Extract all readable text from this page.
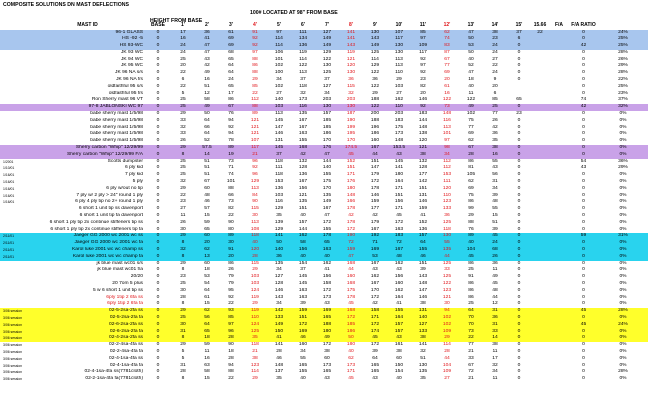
COMPOSITE SOLUTIONS DN MAST DEFLECTIONS
100# LOCATED AT 98" FROM BASE
HEIGHT FROM BASE
	MAST ID	BASE	1'	2'	3'	4'	5'	6'	7'	8'	9'	10'	11'	12'	13'	14'	15'	15.66	F/A	F/A RATIO	
	96-1 GLASS	0	17	36	61	91	97	111	127	141	130	107	85	62	47	38	37	22		0	24%
	HS -92 -5	0	16	41	69	92	114	134	149	141	143	117	97	74	50	23	6			0	25%
	HS 93-WC	0	24	47	69	92	114	136	149	143	149	130	109	83	53	24	0			42	25%
	JK 93 WC	0	24	47	68	97	106	119	129	119	125	130	117	87	50	24	0			0	28%
	JK 94 WC	0	25	43	65	88	101	114	122	121	114	113	92	67	40	27	0			0	26%
	JK 95 WC	0	20	42	64	86	102	122	130	120	129	113	97	77	52	22	0			0	29%
	JK 96 NA s/s	0	22	49	64	88	100	113	125	130	122	110	92	69	47	24	0			0	28%
	JK 96 NA f/s	0	6	16	24	29	34	37	37	36	36	29	23	20	18	9	0			0	22%
	oldfaithful 95 s/s	0	22	51	65	85	102	118	127	115	122	103	82	61	40	20				0	25%
	oldfaithful 95 f/s	0	5	12	17	22	27	32	34	32	29	27	20	16	11	6				0	23%
	Ron Sherry mast 96 VT	0	25	58	86	112	140	173	203	203	188	162	146	122	122	85	65			74	37%
	97-8 JABLONSKI WC 97	0	25	49	67	88	103	116	130	130	122	110	92	73	49	25	0			42	32%
	babe sherry mast 1/5/98	0	29	50	76	89	113	135	157	187	200	203	183	148	102	77	23			0	0%
	babe sherry mast 1/5/98	0	33	64	94	121	145	167	185	190	188	183	144	116	75	26	0			0	0%
	babe sherry mast 1/5/98	0	32	66	92	121	147	167	185	199	196	175	148	113	77	42	0			0	0%
	babe sherry mast 1/5/98	0	33	64	94	121	146	163	186	195	186	173	138	101	69	36	0			0	0%
	babe sherry mast 1/5/98	0	26	52	78	107	131	155	170	170	160	148	120	97	62	35	0			0	0%
	Sherry carbon "Whip" 12/29/99	0	29	57.5	89	117	145	168	176	174.5	167	153.5	121	98	67	38	0			0	0%
	Sherry carbon "Whip" 12/29/99 F/A	0	8	14	19	21	37	42	47	45	44	43	38	34	28	16	0			0	0%
1/2001	Scotts dumpster	0	25	51	73	96	118	132	144	152	151	145	132	112	86	55	0			54	36%
1/10/01	6 ply kid	0	25	51	71	92	111	128	140	151	147	141	128	112	81	43	0			43	29%
1/16/01	7 ply kid	0	25	51	74	96	118	136	155	171	179	180	177	153	105	56	0			0	0%
1/16/01	5 ply	0	32	67	101	129	153	167	175	176	172	164	142	111	62	31	0			0	0%
1/16/01	6 ply w/out no tip	0	29	60	88	113	136	156	170	180	178	171	151	120	69	34	0			0	0%
1/16/01	7 ply w/ 2 ply > 24" round 1 ply	0	22	48	66	84	103	121	135	148	146	151	131	110	75	39	0			0	0%
1/16/01	6 ply 4 ply tip no 2+ round 1 ply	0	23	46	73	90	116	135	149	166	159	156	146	123	86	48	0			0	0%
	6 short 1 unit tip ss davenport	0	27	57	82	115	129	151	167	178	177	171	159	133	99	55	0			0	0%
	6 short 1 unit tip fa davenport	0	11	15	22	30	35	40	47	42	42	45	41	36	29	15	0			0	0%
	6 short 1 ply tip 2x continue stiffeners tip ss	0	26	59	90	113	139	157	172	178	179	172	152	125	88	51	0			0	0%
	6 short 1 ply tip 2x continue stiffeners tip fa	0	30	65	80	108	129	144	155	172	167	163	136	118	76	39	0			0	0%
2/11/01	Jaeger GG 2000 wc 2001 wc ss	0	29	60	89	118	141	162	178	190	192	183	157	130	89	45	0			59	31%
2/11/01	Jaeger GG 2000 wc 2001 wc fa	0	8	20	30	40	50	58	65	72	71	72	64	55	40	24	0			0	0%
2/11/01	Karol luke 2001 wc wc champ ss	0	32	62	91	120	140	156	163	159	169	167	155	135	104	68	0			0	0%
2/11/01	Karol luke 2001 wc wc champ fa	0	8	13	20	28	36	40	40	47	53	48	46	44	45	26	0			0	0%
	jk blue mast wc01 s/s	0	29	60	86	115	135	154	162	168	167	162	151	125	86	36	0			0	0%
	jk blue mast wc01 f/a	0	8	18	26	29	34	37	41	44	43	43	39	33	25	11	0			0	0%
	20/20	0	23	53	79	103	127	145	156	160	162	156	143	125	91	49	0			0	0%
	20 7om 5 plus	0	25	54	79	103	128	145	158	168	167	160	148	122	86	45	0			0	0%
	5 w 6 short 1 unit tip ss	0	30	64	95	124	146	163	172	175	170	162	147	123	86	48	0			0	0%
	6ply 1tip 2 6fa ss	0	28	61	92	119	143	163	173	178	172	164	146	121	86	44	0			0	0%
	6ply 1tip 2 6fa fa	0	8	15	22	29	34	39	43	45	42	41	38	30	25	12	0			0	0%
3/06 session	02-5-2sa-2fa ss	0	29	62	93	119	142	159	169	168	158	155	131	94	64	31	0			45	28%
3/06 session	02-5-2sa-2fa fa	0	25	56	85	110	133	151	165	172	171	164	140	102	70	36	0			0	0%
3/06 session	02-6-2sa-2fa ss	0	30	64	97	124	149	172	188	185	172	157	127	102	70	31	0			45	24%
3/06 session	02-6-2sa-2fa fa	0	31	65	96	125	150	169	180	186	174	157	133	109	73	33	0			0	0%
3/06 session	02-4-2sa-2fa ss	0	8	18	28	35	41	46	49	50	45	43	38	29	22	14	0			0	0%
3/06 session	02-2-4sa-4fa ss	0	29	59	90	118	141	160	172	180	172	161	141	114	77	38	0			0	0%
3/06 session	02-2-4sa-4fa fa	0	5	11	18	21	28	34	38	40	39	38	32	28	21	11	0			0	0%
3/06 session	02-4-1sa-4fa ss	0	5	16	28	38	46	55	60	62	64	60	51	44	33	17	0			0	0%
3/06 session	02-4-1sa-4fa fa	0	31	63	94	123	148	165	173	173	165	150	130	104	67	32	0			0	0%
3/06 session	02-4-1sa-4fa ss(7781cloth)	0	28	58	88	114	137	155	165	171	165	154	135	109	72	34	0			0	28%
3/06 session	02-2-1sa-4fa fa(7781cloth)	0	8	15	22	29	35	40	43	45	43	40	35	27	21	11	0			0	0%
